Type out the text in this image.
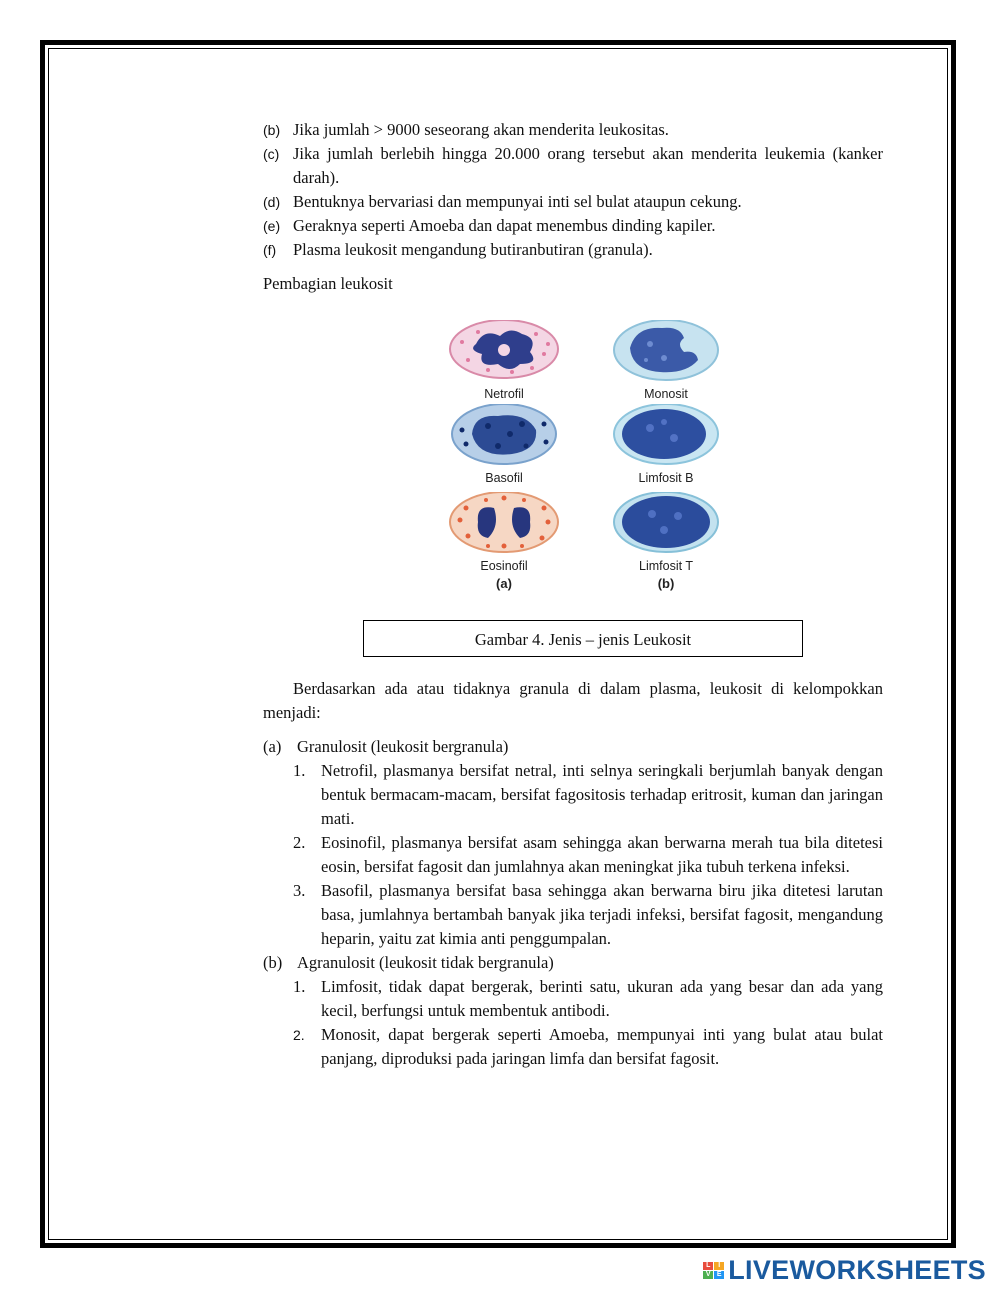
(b) Jika jumlah > 9000 seseorang akan menderita leukositas.
(c) Jika jumlah berlebih hingga 20.000 orang tersebut akan menderita leukemia (kanker darah).
(d) Bentuknya bervariasi dan mempunyai inti sel bulat ataupun cekung.
(e) Geraknya seperti Amoeba dan dapat menembus dinding kapiler.
(f)	Plasma leukosit mengandung butiranbutiran (granula).
Pembagian leukosit
Netrofil	Monosit
Basofil	Limfosit B
Eosinofil	Limfosit T
(a)	(b)
Gambar 4. Jenis – jenis Leukosit
Berdasarkan ada atau tidaknya granula di dalam plasma, leukosit di kelompokkan menjadi:
(a) Granulosit (leukosit bergranula)
1. Netrofil, plasmanya bersifat netral, inti selnya seringkali berjumlah banyak dengan bentuk bermacam-macam, bersifat fagositosis terhadap eritrosit, kuman dan jaringan mati.
2. Eosinofil, plasmanya bersifat asam sehingga akan berwarna merah tua bila ditetesi eosin, bersifat fagosit dan jumlahnya akan meningkat jika tubuh terkena infeksi.
3. Basofil, plasmanya bersifat basa sehingga akan berwarna biru jika ditetesi larutan basa, jumlahnya bertambah banyak jika terjadi infeksi, bersifat fagosit, mengandung heparin, yaitu zat kimia anti penggumpalan.
(b) Agranulosit (leukosit tidak bergranula)
1. Limfosit, tidak dapat bergerak, berinti satu, ukuran ada yang besar dan ada yang kecil, berfungsi untuk membentuk antibodi.
2. Monosit, dapat bergerak seperti Amoeba, mempunyai inti yang bulat atau bulat panjang, diproduksi pada jaringan limfa dan bersifat fagosit.
L	I
V E LIVEWORKSHEETS
